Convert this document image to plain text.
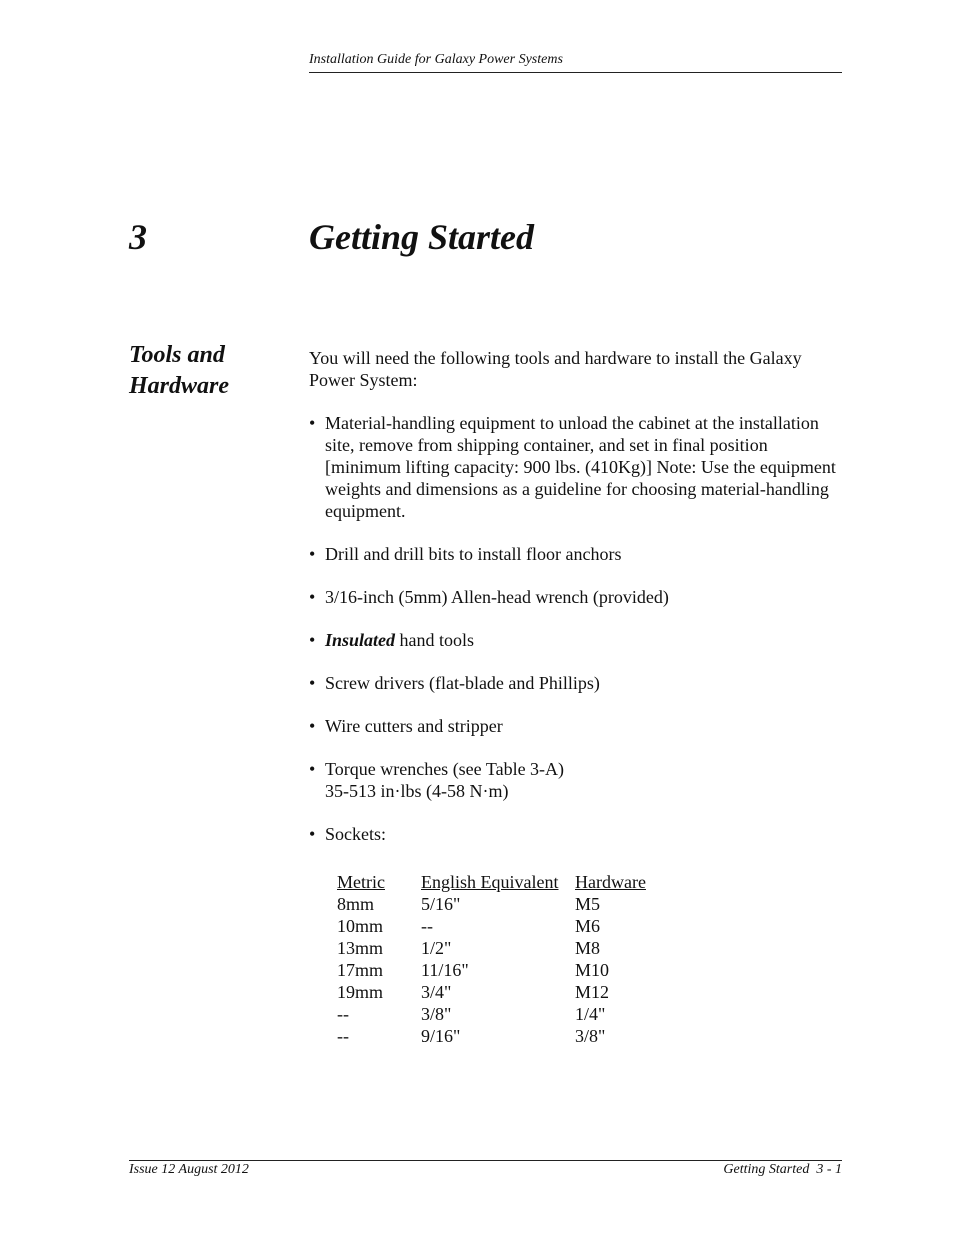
Installation Guide for Galaxy Power Systems
3	Getting Started
Tools and Hardware
You will need the following tools and hardware to install the Galaxy Power System:
• Material-handling equipment to unload the cabinet at the installation site, remove from shipping container, and set in final position [minimum lifting capacity: 900 lbs. (410Kg)] Note: Use the equipment weights and dimensions as a guideline for choosing material-handling equipment.
• Drill and drill bits to install floor anchors
• 3/16-inch (5mm) Allen-head wrench (provided)
• Insulated hand tools
• Screw drivers (flat-blade and Phillips)
• Wire cutters and stripper
• Torque wrenches (see Table 3-A)
35-513 in·lbs (4-58 N·m)
• Sockets:
Metric	English Equivalent	Hardware
8mm	5/16"	M5
10mm	--	M6
13mm	1/2"	M8
17mm	11/16"	M10
19mm	3/4"	M12
--	3/8"	1/4"
--	9/16"	3/8"
Issue 12 August 2012	Getting Started  3 - 1
